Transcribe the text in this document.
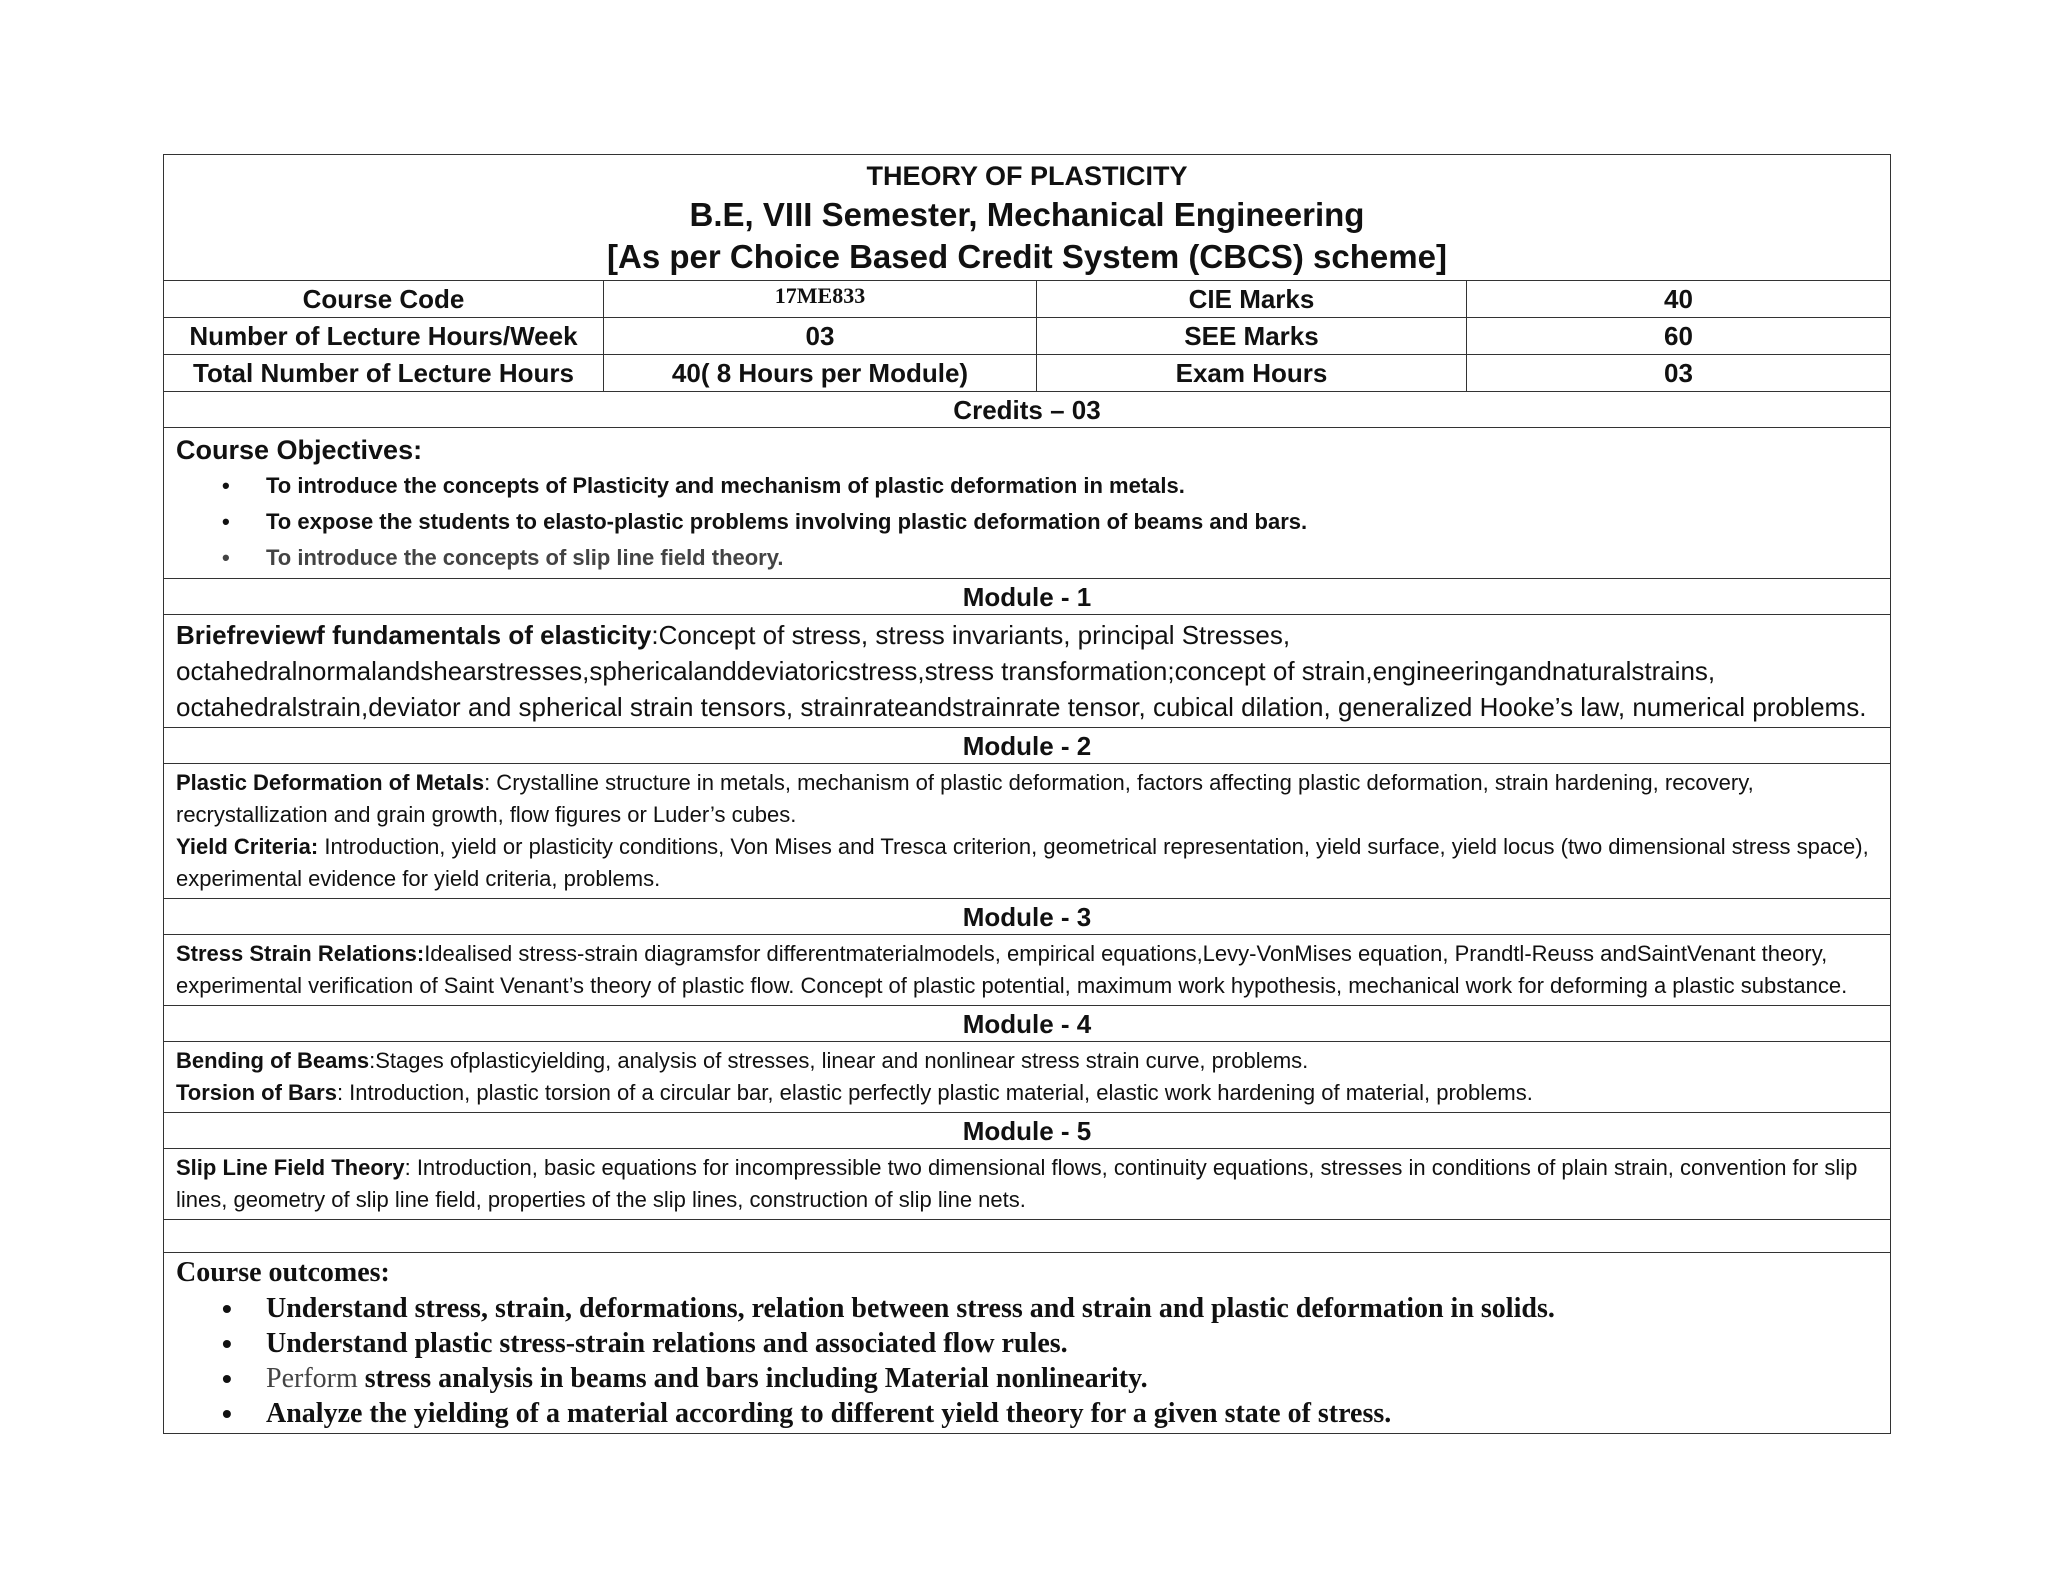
THEORY OF PLASTICITY
B.E, VIII Semester, Mechanical Engineering
[As per Choice Based Credit System (CBCS) scheme]
Course Code	17ME833	CIE Marks	40
Number of Lecture Hours/Week	03	SEE Marks	60
Total Number of Lecture Hours	40( 8 Hours per Module)	Exam Hours	03
Credits – 03
Course Objectives:
• To introduce the concepts of Plasticity and mechanism of plastic deformation in metals.
• To expose the students to elasto-plastic problems involving plastic deformation of beams and bars.
• To introduce the concepts of slip line field theory.
Module - 1
Briefreviewf fundamentals of elasticity:Concept of stress, stress invariants, principal Stresses, octahedralnormalandshearstresses,sphericalanddeviatoricstress,stress transformation;concept of strain,engineeringandnaturalstrains, octahedralstrain,deviator and spherical strain tensors, strainrateandstrainrate tensor, cubical dilation, generalized Hooke’s law, numerical problems.
Module - 2

Plastic Deformation of Metals: Crystalline structure in metals, mechanism of plastic deformation, factors affecting plastic deformation, strain hardening, recovery, recrystallization and grain growth, flow figures or Luder’s cubes.

Yield Criteria: Introduction, yield or plasticity conditions, Von Mises and Tresca criterion, geometrical representation, yield surface, yield locus (two dimensional stress space), experimental evidence for yield criteria, problems.

Module - 3

Stress Strain Relations:Idealised stress-strain diagramsfor differentmaterialmodels, empirical equations,Levy-VonMises equation, Prandtl-Reuss andSaintVenant theory, experimental verification of Saint Venant’s theory of plastic flow. Concept of plastic potential, maximum work hypothesis, mechanical work for deforming a plastic substance.

Module - 4

Bending of Beams:Stages ofplasticyielding, analysis of stresses, linear and nonlinear stress strain curve, problems.

Torsion of Bars: Introduction, plastic torsion of a circular bar, elastic perfectly plastic material, elastic work hardening of material, problems.

Module - 5

Slip Line Field Theory: Introduction, basic equations for incompressible two dimensional flows, continuity equations, stresses in conditions of plain strain, convention for slip lines, geometry of slip line field, properties of the slip lines, construction of slip line nets.

Course outcomes:
• Understand stress, strain, deformations, relation between stress and strain and plastic deformation in solids.
• Understand plastic stress-strain relations and associated flow rules.
• Perform stress analysis in beams and bars including Material nonlinearity.
• Analyze the yielding of a material according to different yield theory for a given state of stress.
